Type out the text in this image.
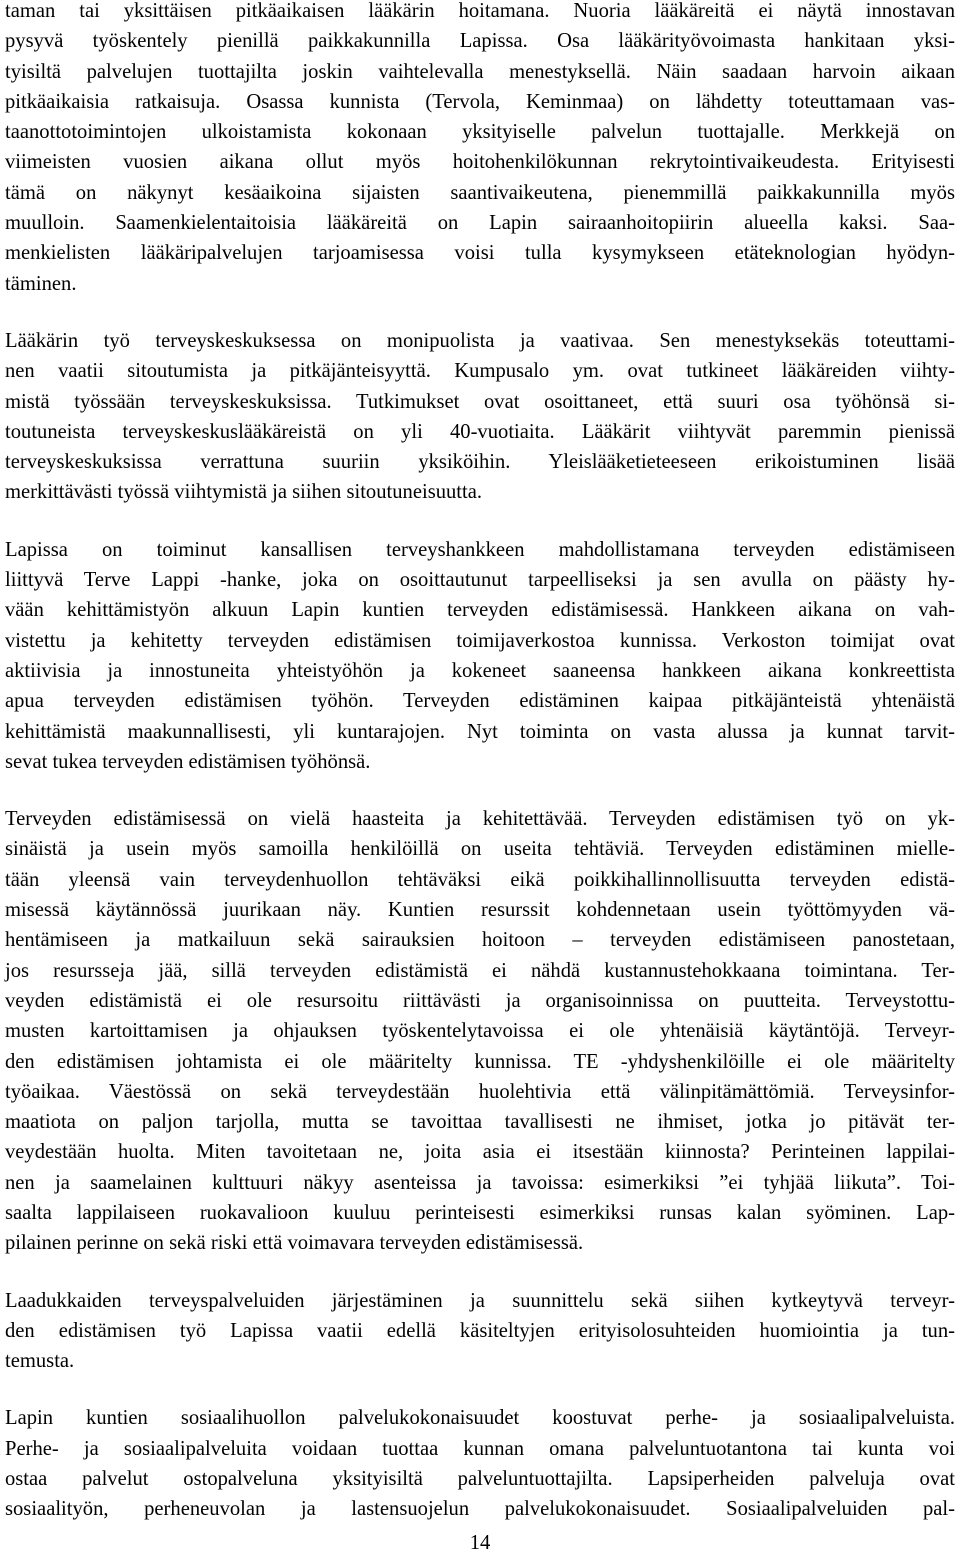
taman tai yksittäisen pitkäaikaisen lääkärin hoitamana. Nuoria lääkäreitä ei näytä innostavan
pysyvä työskentely pienillä paikkakunnilla Lapissa. Osa lääkärityövoimasta hankitaan yksi-
tyisiltä palvelujen tuottajilta joskin vaihtelevalla menestyksellä. Näin saadaan harvoin aikaan
pitkäaikaisia ratkaisuja. Osassa kunnista (Tervola, Keminmaa) on lähdetty toteuttamaan vas-
taanottotoimintojen ulkoistamista kokonaan yksityiselle palvelun tuottajalle. Merkkejä on
viimeisten vuosien aikana ollut myös hoitohenkilökunnan rekrytointivaikeudesta. Erityisesti
tämä on näkynyt kesäaikoina sijaisten saantivaikeutena, pienemmillä paikkakunnilla myös
muulloin. Saamenkielentaitoisia lääkäreitä on Lapin sairaanhoitopiirin alueella kaksi. Saa-
menkielisten lääkäripalvelujen tarjoamisessa voisi tulla kysymykseen etäteknologian hyödyn-
täminen.
Lääkärin työ terveyskeskuksessa on monipuolista ja vaativaa. Sen menestyksekäs toteuttami-
nen vaatii sitoutumista ja pitkäjänteisyyttä. Kumpusalo ym. ovat tutkineet lääkäreiden viihty-
mistä työssään terveyskeskuksissa. Tutkimukset ovat osoittaneet, että suuri osa työhönsä si-
toutuneista terveyskeskuslääkäreistä on yli 40-vuotiaita. Lääkärit viihtyvät paremmin pienissä
terveyskeskuksissa verrattuna suuriin yksiköihin. Yleislääketieteeseen erikoistuminen lisää
merkittävästi työssä viihtymistä ja siihen sitoutuneisuutta.
Lapissa on toiminut kansallisen terveyshankkeen mahdollistamana terveyden edistämiseen
liittyvä Terve Lappi -hanke, joka on osoittautunut tarpeelliseksi ja sen avulla on päästy hy-
vään kehittämistyön alkuun Lapin kuntien terveyden edistämisessä. Hankkeen aikana on vah-
vistettu ja kehitetty terveyden edistämisen toimijaverkostoa kunnissa. Verkoston toimijat ovat
aktiivisia ja innostuneita yhteistyöhön ja kokeneet saaneensa hankkeen aikana konkreettista
apua terveyden edistämisen työhön. Terveyden edistäminen kaipaa pitkäjänteistä yhtenäistä
kehittämistä maakunnallisesti, yli kuntarajojen. Nyt toiminta on vasta alussa ja kunnat tarvit-
sevat tukea terveyden edistämisen työhönsä.
Terveyden edistämisessä on vielä haasteita ja kehitettävää. Terveyden edistämisen työ on yk-
sinäistä ja usein myös samoilla henkilöillä on useita tehtäviä. Terveyden edistäminen mielle-
tään yleensä vain terveydenhuollon tehtäväksi eikä poikkihallinnollisuutta terveyden edistä-
misessä käytännössä juurikaan näy. Kuntien resurssit kohdennetaan usein työttömyyden vä-
hentämiseen ja matkailuun sekä sairauksien hoitoon – terveyden edistämiseen panostetaan,
jos resursseja jää, sillä terveyden edistämistä ei nähdä kustannustehokkaana toimintana. Ter-
veyden edistämistä ei ole resursoitu riittävästi ja organisoinnissa on puutteita. Terveystottu-
musten kartoittamisen ja ohjauksen työskentelytavoissa ei ole yhtenäisiä käytäntöjä. Terveyr-
den edistämisen johtamista ei ole määritelty kunnissa. TE -yhdyshenkilöille ei ole määritelty
työaikaa. Väestössä on sekä terveydestään huolehtivia että välinpitämättömiä. Terveysinfor-
maatiota on paljon tarjolla, mutta se tavoittaa tavallisesti ne ihmiset, jotka jo pitävät ter-
veydestään huolta. Miten tavoitetaan ne, joita asia ei itsestään kiinnosta? Perinteinen lappilai-
nen ja saamelainen kulttuuri näkyy asenteissa ja tavoissa: esimerkiksi ”ei tyhjää liikuta”. Toi-
saalta lappilaiseen ruokavalioon kuuluu perinteisesti esimerkiksi runsas kalan syöminen. Lap-
pilainen perinne on sekä riski että voimavara terveyden edistämisessä.
Laadukkaiden terveyspalveluiden järjestäminen ja suunnittelu sekä siihen kytkeytyvä terveyr-
den edistämisen työ Lapissa vaatii edellä käsiteltyjen erityisolosuhteiden huomiointia ja tun-
temusta.
Lapin kuntien sosiaalihuollon palvelukokonaisuudet koostuvat perhe- ja sosiaalipalveluista.
Perhe- ja sosiaalipalveluita voidaan tuottaa kunnan omana palveluntuotantona tai kunta voi
ostaa palvelut ostopalveluna yksityisiltä palveluntuottajilta. Lapsiperheiden palveluja ovat
sosiaalityön, perheneuvolan ja lastensuojelun palvelukokonaisuudet. Sosiaalipalveluiden pal-
14
